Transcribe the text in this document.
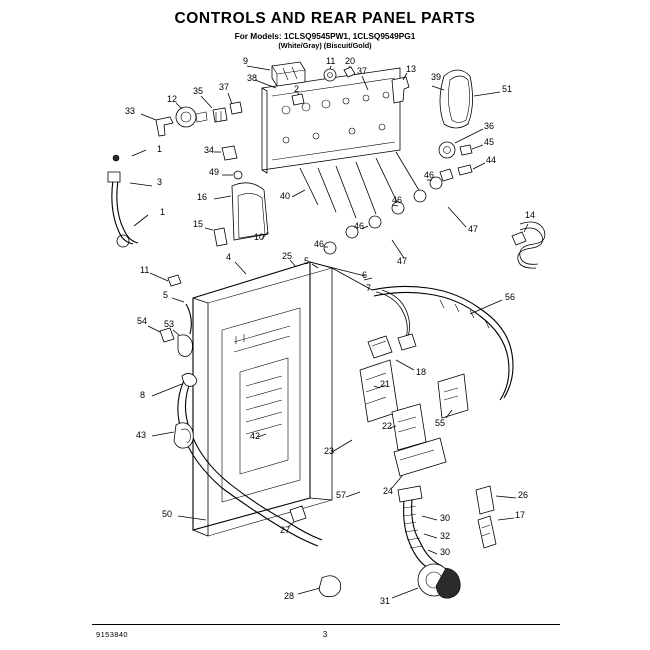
CONTROLS AND REAR PANEL PARTS
For Models: 1CLSQ9545PW1, 1CLSQ9549PG1
(White/Gray) (Biscuit/Gold)
9
38
11 20
37	13
39
51
35 37
12
2
33
36
45
1	34
44
49
3
40
46
46
16
15	46
14
1
47
46
10
4	25 5	47
6
11
7
5	56
54 53
18
21
8
22	55
43	42
23
24	26
57
17
50	30
27
32
30
28	31
9153840	3
